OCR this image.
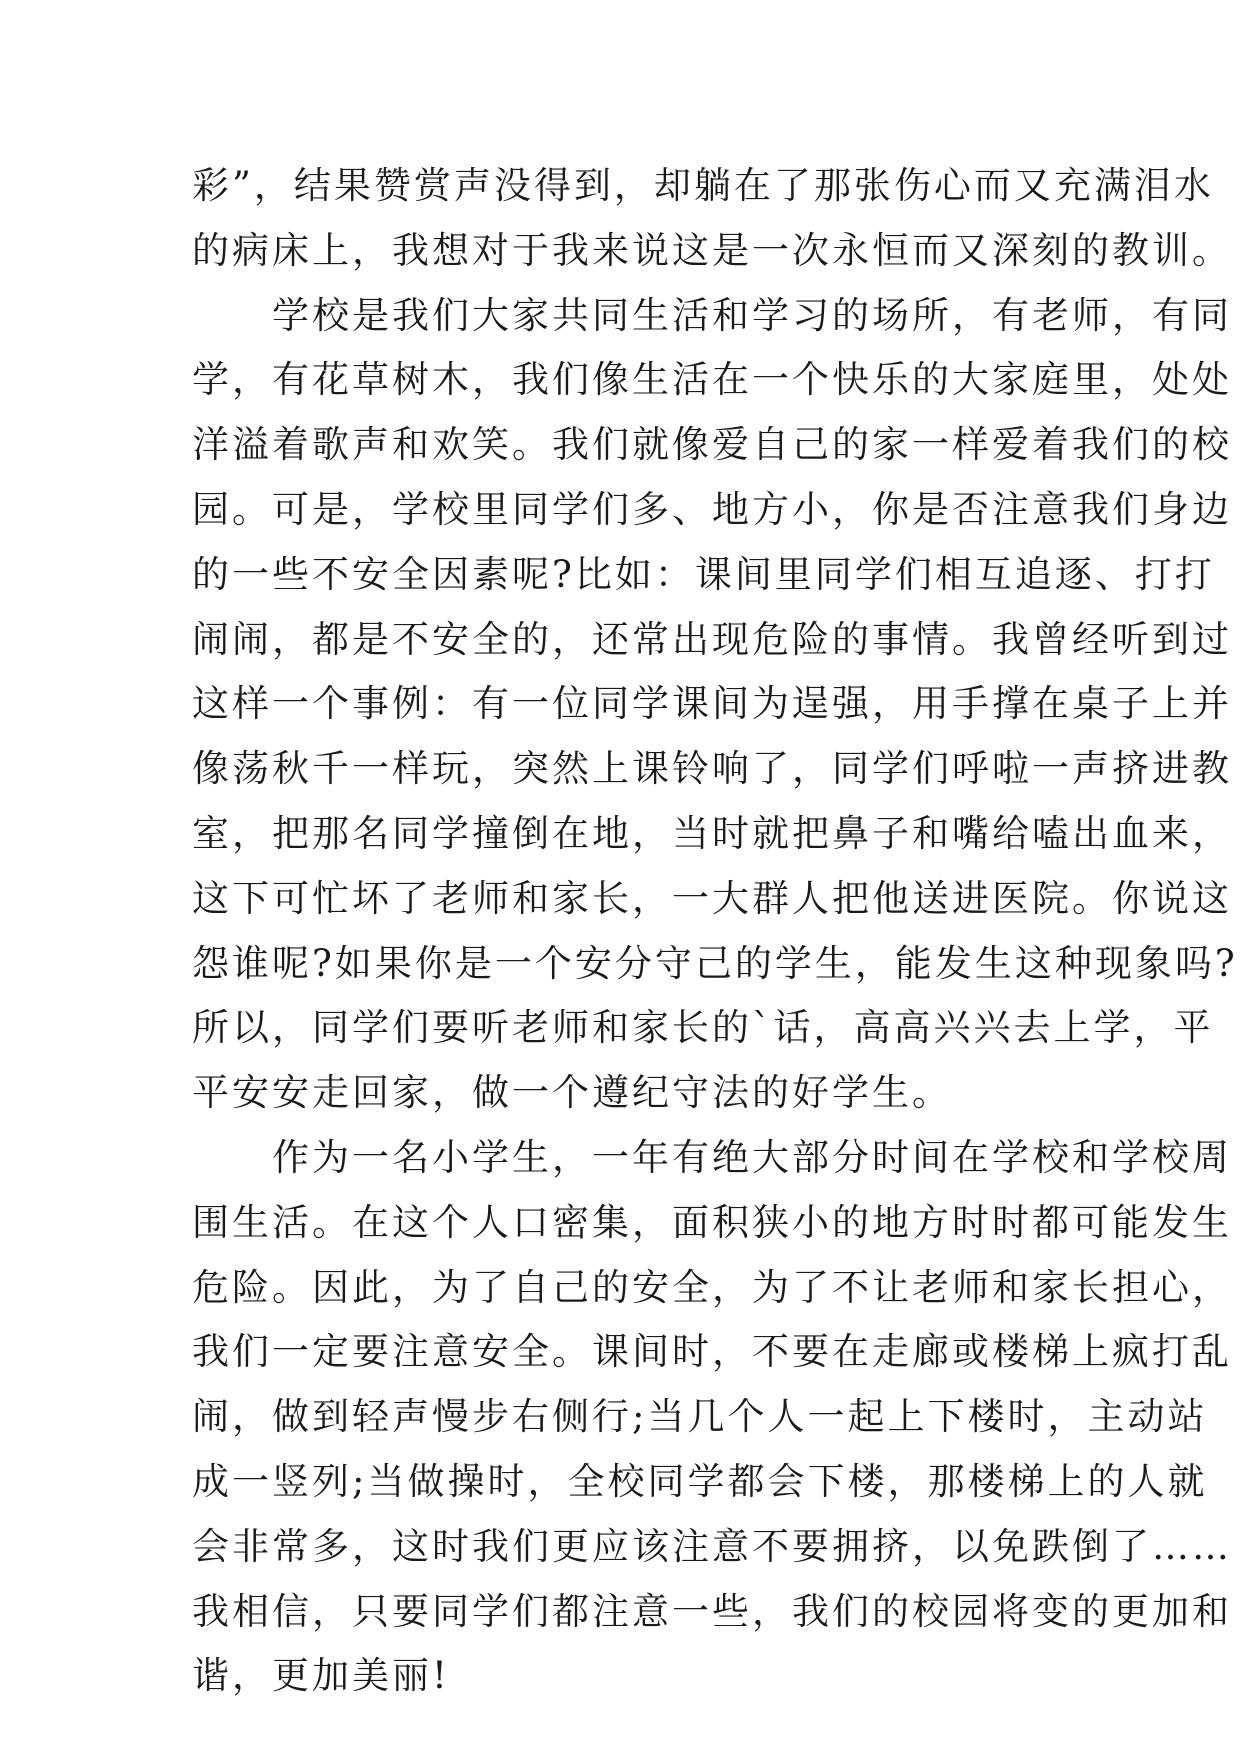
彩”，结果赞赏声没得到，却躺在了那张伤心而又充满泪水
的病床上，我想对于我来说这是一次永恒而又深刻的教训。
　　学校是我们大家共同生活和学习的场所，有老师，有同
学，有花草树木，我们像生活在一个快乐的大家庭里，处处
洋溢着歌声和欢笑。我们就像爱自己的家一样爱着我们的校
园。可是，学校里同学们多、地方小，你是否注意我们身边
的一些不安全因素呢?比如：课间里同学们相互追逐、打打
闹闹，都是不安全的，还常出现危险的事情。我曾经听到过
这样一个事例：有一位同学课间为逞强，用手撑在桌子上并
像荡秋千一样玩，突然上课铃响了，同学们呼啦一声挤进教
室，把那名同学撞倒在地，当时就把鼻子和嘴给嗑出血来，
这下可忙坏了老师和家长，一大群人把他送进医院。你说这
怨谁呢?如果你是一个安分守己的学生，能发生这种现象吗?
所以，同学们要听老师和家长的`话，高高兴兴去上学，平
平安安走回家，做一个遵纪守法的好学生。
　　作为一名小学生，一年有绝大部分时间在学校和学校周
围生活。在这个人口密集，面积狭小的地方时时都可能发生
危险。因此，为了自己的安全，为了不让老师和家长担心，
我们一定要注意安全。课间时，不要在走廊或楼梯上疯打乱
闹，做到轻声慢步右侧行;当几个人一起上下楼时，主动站
成一竖列;当做操时，全校同学都会下楼，那楼梯上的人就
会非常多，这时我们更应该注意不要拥挤，以免跌倒了……
我相信，只要同学们都注意一些，我们的校园将变的更加和
谐，更加美丽!
